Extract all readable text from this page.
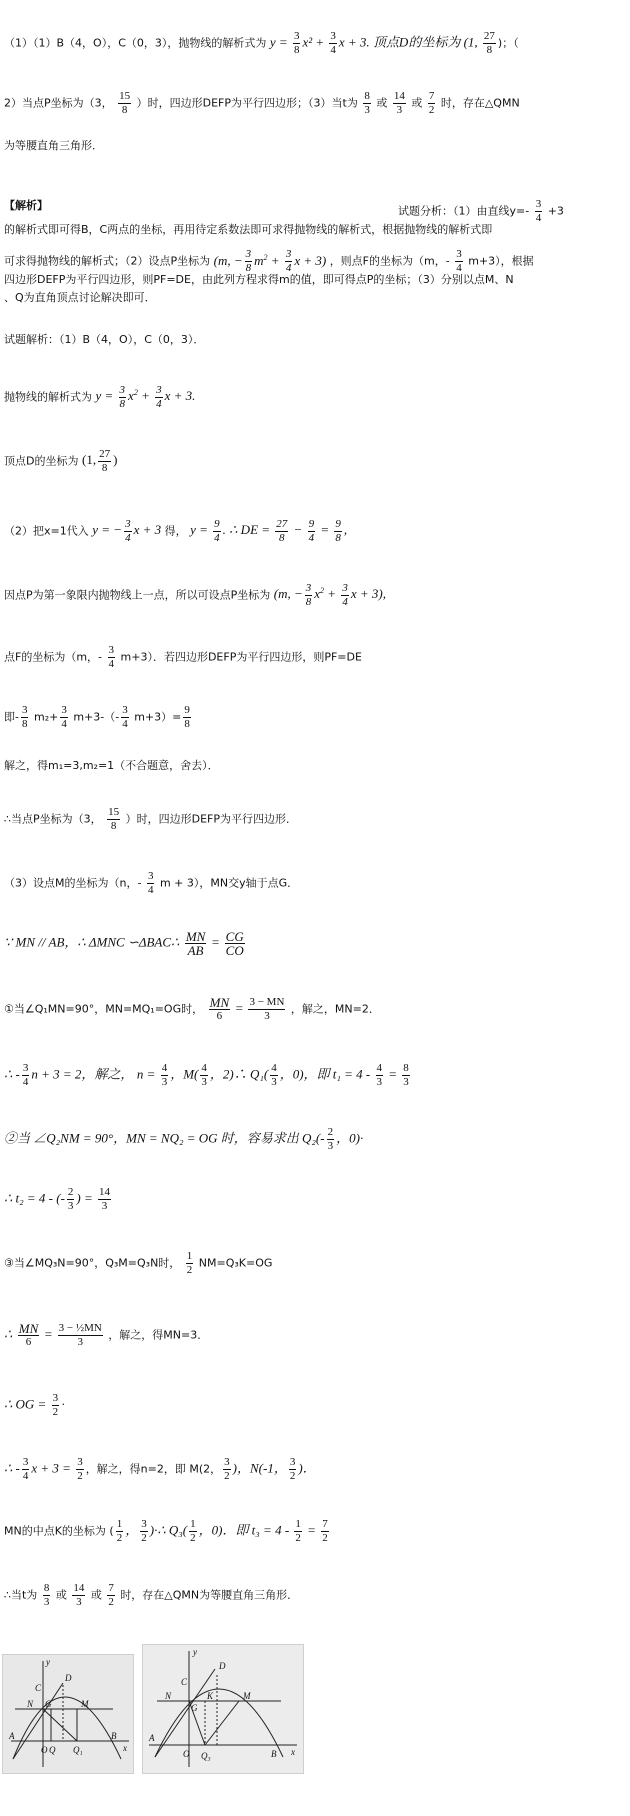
（1）（1）B（4，O），C（0，3），抛物线的解析式为 $y = \frac{3}{8} x^2 + \frac{3}{4}$ x + 3. 顶点D的坐标为 (1, $\frac{27}{8}$ )；（
2）当点P坐标为（3， $\frac{15}{8}$ ）时，四边形DEFP为平行四边形；（3）当t为 $\frac{8}{3}$ 或 $\frac{14}{3}$ 或 $\frac{7}{2}$ 时，存在△QMN
为等腰直角三角形．
【解析】	试题分析：（1）由直线$y=- \frac{3}{4} +3$
的解析式即可得B，C两点的坐标，再用待定系数法即可求得抛物线的解析式，根据抛物线的解析式即
可求得抛物线的解析式；（2）设点P坐标为 (m, − $\frac{3}{8} m^2 + \frac{3}{4}$ x + 3) ，则点F的坐标为（m，- $\frac{3}{4} m+3$），根据
四边形DEFP为平行四边形，则PF=DE，由此列方程求得m的值，即可得点P的坐标；（3）分别以点M、N
、Q为直角顶点讨论解决即可．
试题解析：（1）B（4，O），C（0，3）．
抛物线的解析式为 $y = \frac{3}{8} x^2 + \frac{3}{4}$ x + 3.
顶点D的坐标为 (1, $\frac{27}{8}$ )
（2）把x=1代入 y = − $\frac{3}{4}$ x + 3 得， $y = \frac{9}{4}$ . ∴ DE = $\frac{27}{8} - \frac{9}{4} = \frac{9}{8}$ ,
因点P为第一象限内抛物线上一点，所以可设点P坐标为 (m, − $\frac{3}{8} x^2 + \frac{3}{4}$ x + 3),
点F的坐标为（m，- $\frac{3}{4} m+3$）．若四边形DEFP为平行四边形，则PF=DE
即- $\frac{3}{8} m_2+ \frac{3}{4} m+3-(- \frac{3}{4} m+3)= \frac{9}{8}$
解之，得m₁=3,m₂=1（不合题意，舍去）．
∴当点P坐标为（3， $\frac{15}{8}$ ）时，四边形DEFP为平行四边形．
（3）设点M的坐标为（n，- $\frac{3}{4}$ m + 3），MN交y轴于点G．
∵ MN // AB，∴ ΔMNC ∽ΔBAC∴ $\frac{MN}{AB} = \frac{CG}{CO}$
①当∠Q₁MN=90°，MN=MQ₁=OG时， MN
6
= $\frac{3 - MN}{3}$ ，解之，MN=2．
∴ - $\frac{3}{4}$ n + 3 = 2，解之， $n = \frac{4}{3}$ ，$M( \frac{4}{3}$ ，2)∴ $Q_1( \frac{4}{3}$ ，0)，即 $t_1 = 4 - \frac{4}{3} = \frac{8}{3}$
②当 ∠Q₂NM = 90°，MN = NQ₂ = OG 时，容易求出 $Q_2(- \frac{2}{3}$ ，0)·
∴ t₂ = 4 - (- $\frac{2}{3}$ ) = $\frac{14}{3}$
③当∠MQ₃N=90°，Q₃M=Q₃N时， $\frac{1}{2} NM=Q_3K=OG$
∴ MN
6
= $\frac{\text{3 − ½MN}}{3}$ ，解之，得MN=3．
∴ OG = $\frac{3}{2}$ ·
∴ - $\frac{3}{4}$ $x + 3 = \frac{3}{2}$ ，解之，得n=2，即 M(2， $\frac{3}{2}$ )，N(-1， $\frac{3}{2}$ )．
MN的中点K的坐标为 ( $\frac{1}{2}$ ， $\frac{3}{2}$ )·∴ $Q_3( \frac{1}{2}$ ，0)．即 $t_3 = 4 - \frac{1}{2} = \frac{7}{2}$
∴当t为 $\frac{8}{3}$ 或 $\frac{14}{3}$ 或 $\frac{7}{2}$ 时，存在△QMN为等腰直角三角形．
y
C
D
N G	M
A
O Q Q₁
B
x
y
D
C
N	K	M
G
A
O Q₃	B x
